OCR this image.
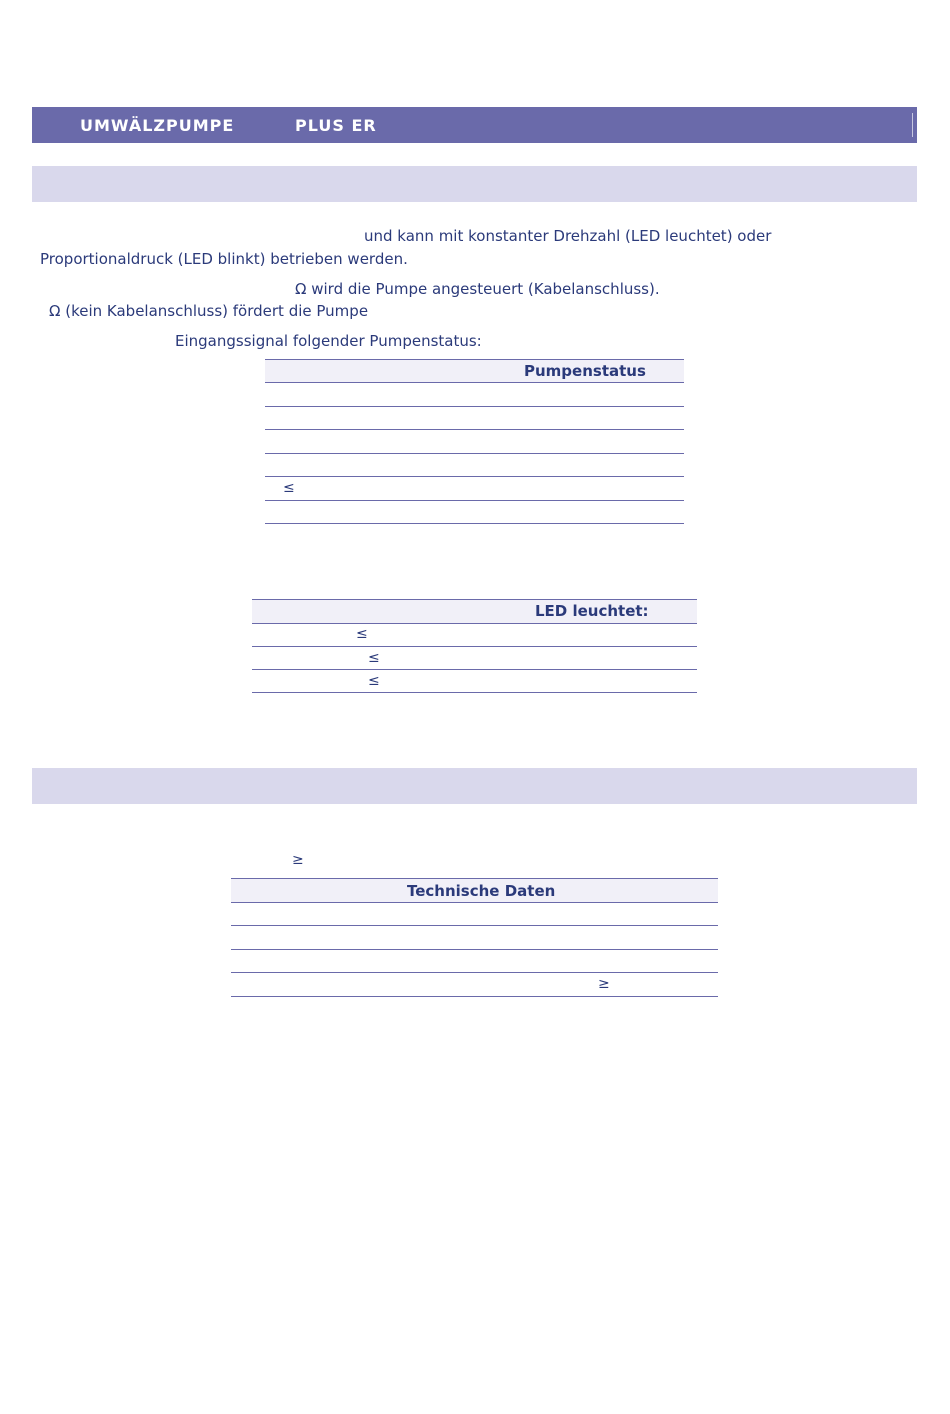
UMWÄLZPUMPE	PLUS ER
und kann mit konstanter Drehzahl (LED leuchtet) oder
Proportionaldruck (LED blinkt) betrieben werden.
Ω wird die Pumpe angesteuert (Kabelanschluss).
Ω (kein Kabelanschluss) fördert die Pumpe
Eingangssignal folgender Pumpenstatus:
Pumpenstatus
≤
LED leuchtet:
≤
≤
≤
≥
Technische Daten
≥
